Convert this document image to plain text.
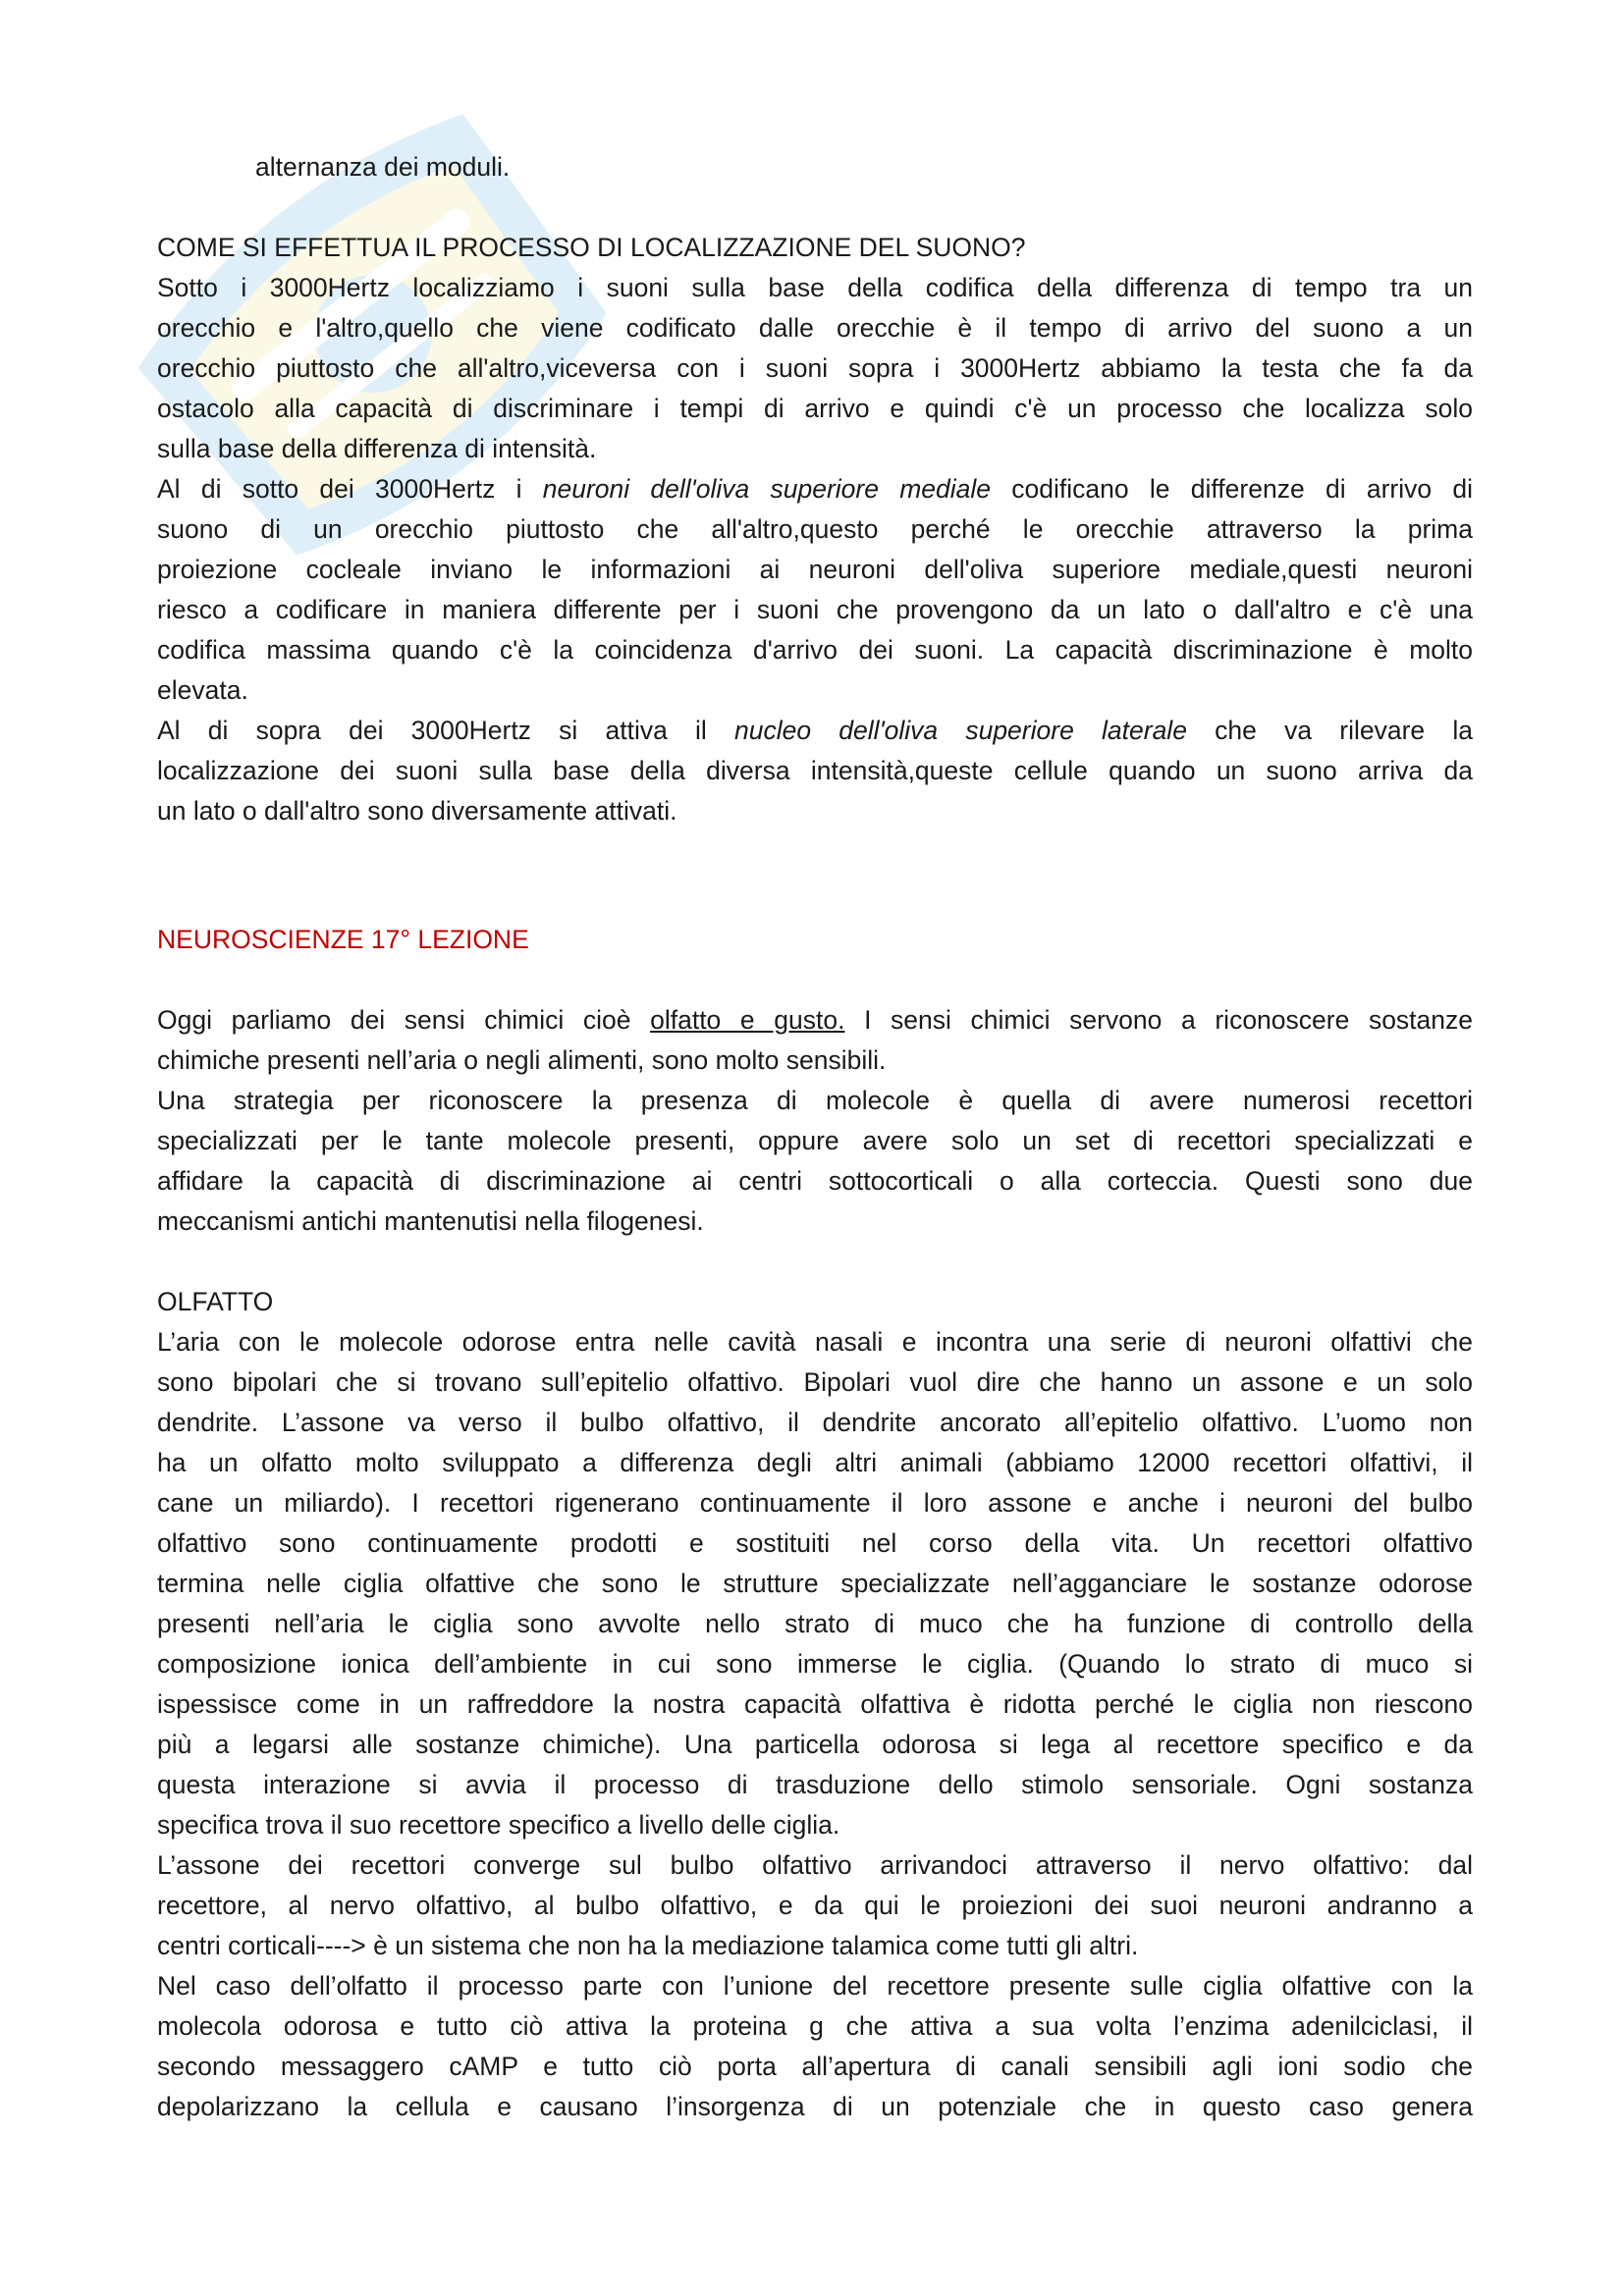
alternanza dei moduli.
COME SI EFFETTUA IL PROCESSO DI LOCALIZZAZIONE DEL SUONO?
Sotto i 3000Hertz localizziamo i suoni sulla base della codifica della differenza di tempo tra un
orecchio e l'altro,quello che viene codificato dalle orecchie è il tempo di arrivo del suono a un
orecchio piuttosto che all'altro,viceversa con i suoni sopra i 3000Hertz abbiamo la testa che fa da
ostacolo alla capacità di discriminare i tempi di arrivo e quindi c'è un processo che localizza solo
sulla base della differenza di intensità.
Al di sotto dei 3000Hertz i neuroni dell'oliva superiore mediale codificano le differenze di arrivo di
suono di un orecchio piuttosto che all'altro,questo perché le orecchie attraverso la prima
proiezione cocleale inviano le informazioni ai neuroni dell'oliva superiore mediale,questi neuroni
riesco a codificare in maniera differente per i suoni che provengono da un lato o dall'altro e c'è una
codifica massima quando c'è la coincidenza d'arrivo dei suoni. La capacità discriminazione è molto
elevata.
Al di sopra dei 3000Hertz si attiva il nucleo dell'oliva superiore laterale che va rilevare la
localizzazione dei suoni sulla base della diversa intensità,queste cellule quando un suono arriva da
un lato o dall'altro sono diversamente attivati.
NEUROSCIENZE 17° LEZIONE
Oggi parliamo dei sensi chimici cioè olfatto e gusto. I sensi chimici servono a riconoscere sostanze
chimiche presenti nell’aria o negli alimenti, sono molto sensibili.
Una strategia per riconoscere la presenza di molecole è quella di avere numerosi recettori
specializzati per le tante molecole presenti, oppure avere solo un set di recettori specializzati e
affidare la capacità di discriminazione ai centri sottocorticali o alla corteccia. Questi sono due
meccanismi antichi mantenutisi nella filogenesi.
OLFATTO
L’aria con le molecole odorose entra nelle cavità nasali e incontra una serie di neuroni olfattivi che
sono bipolari che si trovano sull’epitelio olfattivo. Bipolari vuol dire che hanno un assone e un solo
dendrite. L’assone va verso il bulbo olfattivo, il dendrite ancorato all’epitelio olfattivo. L’uomo non
ha un olfatto molto sviluppato a differenza degli altri animali (abbiamo 12000 recettori olfattivi, il
cane un miliardo). I recettori rigenerano continuamente il loro assone e anche i neuroni del bulbo
olfattivo sono continuamente prodotti e sostituiti nel corso della vita. Un recettori olfattivo
termina nelle ciglia olfattive che sono le strutture specializzate nell’agganciare le sostanze odorose
presenti nell’aria le ciglia sono avvolte nello strato di muco che ha funzione di controllo della
composizione ionica dell’ambiente in cui sono immerse le ciglia. (Quando lo strato di muco si
ispessisce come in un raffreddore la nostra capacità olfattiva è ridotta perché le ciglia non riescono
più a legarsi alle sostanze chimiche). Una particella odorosa si lega al recettore specifico e da
questa interazione si avvia il processo di trasduzione dello stimolo sensoriale. Ogni sostanza
specifica trova il suo recettore specifico a livello delle ciglia.
L’assone dei recettori converge sul bulbo olfattivo arrivandoci attraverso il nervo olfattivo: dal
recettore, al nervo olfattivo, al bulbo olfattivo, e da qui le proiezioni dei suoi neuroni andranno a
centri corticali----> è un sistema che non ha la mediazione talamica come tutti gli altri.
Nel caso dell’olfatto il processo parte con l’unione del recettore presente sulle ciglia olfattive con la
molecola odorosa e tutto ciò attiva la proteina g che attiva a sua volta l’enzima adenilciclasi, il
secondo messaggero cAMP e tutto ciò porta all’apertura di canali sensibili agli ioni sodio che
depolarizzano la cellula e causano l’insorgenza di un potenziale che in questo caso genera
